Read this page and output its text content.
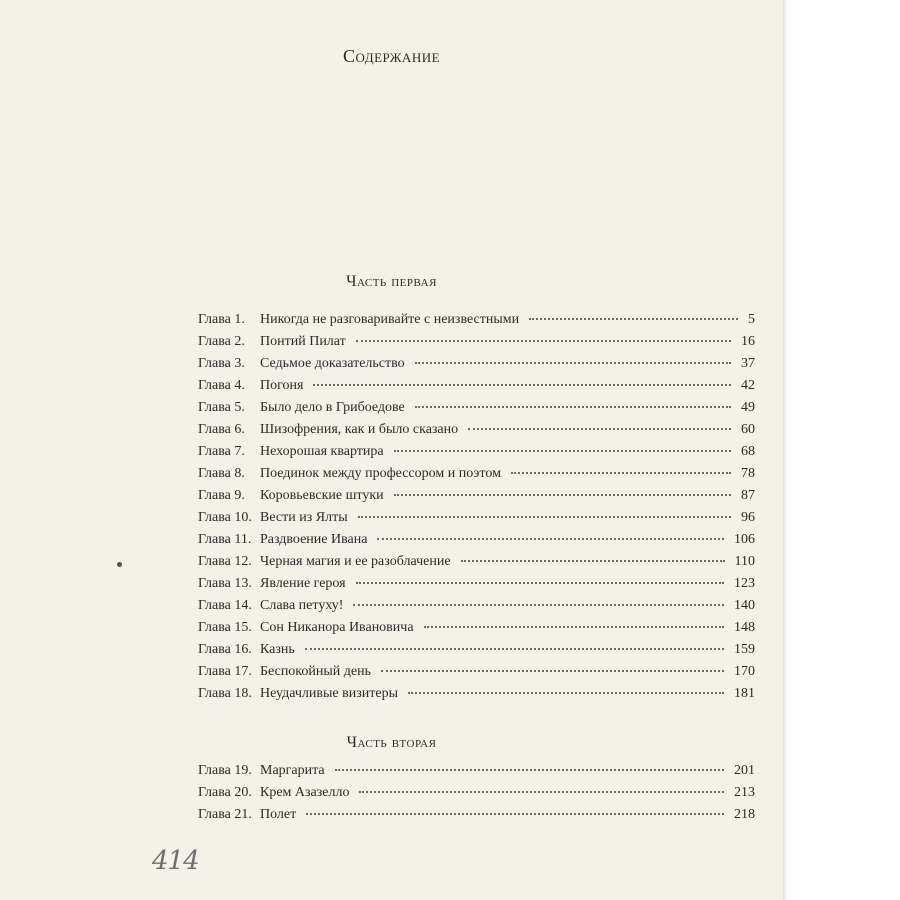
Содержание
Часть первая
Глава 1.	Никогда не разговаривайте с неизвестными	5
Глава 2.	Понтий Пилат	16
Глава 3.	Седьмое доказательство	37
Глава 4.	Погоня	42
Глава 5.	Было дело в Грибоедове	49
Глава 6.	Шизофрения, как и было сказано	60
Глава 7.	Нехорошая квартира	68
Глава 8.	Поединок между профессором и поэтом	78
Глава 9.	Коровьевские штуки	87
Глава 10. Вести из Ялты	96
Глава 11. Раздвоение Ивана	106
Глава 12. Черная магия и ее разоблачение	110
Глава 13. Явление героя	123
Глава 14. Слава петуху!	140
Глава 15. Сон Никанора Ивановича	148
Глава 16. Казнь	159
Глава 17. Беспокойный день	170
Глава 18. Неудачливые визитеры	181
Часть вторая
Глава 19. Маргарита	201
Глава 20. Крем Азазелло	213
Глава 21. Полет	218
414
